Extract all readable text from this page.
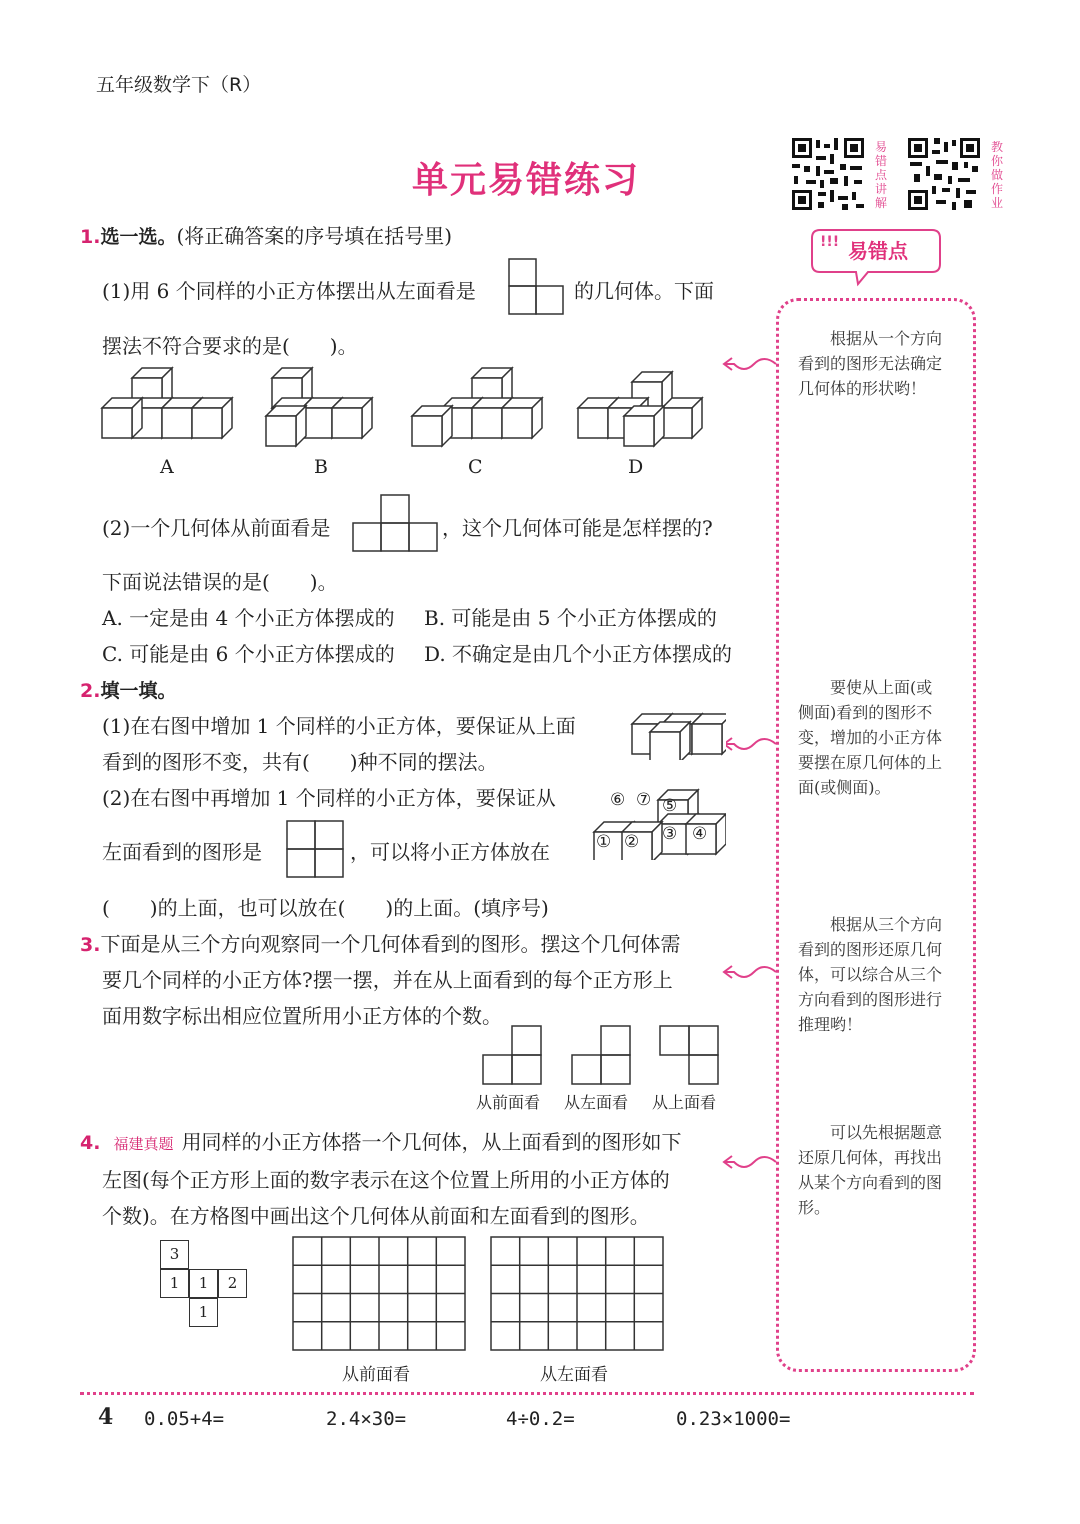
五年级数学下（R）
单元易错练习
易
错
点
讲
解
教
你
做
作
业
!!! 易错点
根据从一个方向看到的图形无法确定几何体的形状哟！
要使从上面(或侧面)看到的图形不变，增加的小正方体要摆在原几何体的上面(或侧面)。
根据从三个方向看到的图形还原几何体，可以综合从三个方向看到的图形进行推理哟！
可以先根据题意还原几何体，再找出从某个方向看到的图形。
1.选一选。(将正确答案的序号填在括号里)
(1)用 6 个同样的小正方体摆出从左面看是	的几何体。下面
摆法不符合要求的是(　　)。
A	B	C	D
(2)一个几何体从前面看是	，这个几何体可能是怎样摆的?
下面说法错误的是(　　)。
A. 一定是由 4 个小正方体摆成的 B. 可能是由 5 个小正方体摆成的
C. 可能是由 6 个小正方体摆成的 D. 不确定是由几个小正方体摆成的
2.填一填。
(1)在右图中增加 1 个同样的小正方体，要保证从上面
看到的图形不变，共有(　　)种不同的摆法。
(2)在右图中再增加 1 个同样的小正方体，要保证从
左面看到的图形是	，可以将小正方体放在
(　　)的上面，也可以放在(　　)的上面。(填序号)
① ② ③ ④
⑤
⑥ ⑦
3.下面是从三个方向观察同一个几何体看到的图形。摆这个几何体需
要几个同样的小正方体?摆一摆，并在从上面看到的每个正方形上
面用数字标出相应位置所用小正方体的个数。
从前面看 从左面看 从上面看
4. 福建真题 用同样的小正方体搭一个几何体，从上面看到的图形如下
左图(每个正方形上面的数字表示在这个位置上所用的小正方体的
个数)。在方格图中画出这个几何体从前面和左面看到的图形。
3
1	1	2
1
从前面看	从左面看
4 0.05+4=	2.4×30=	4÷0.2=	0.23×1000=
